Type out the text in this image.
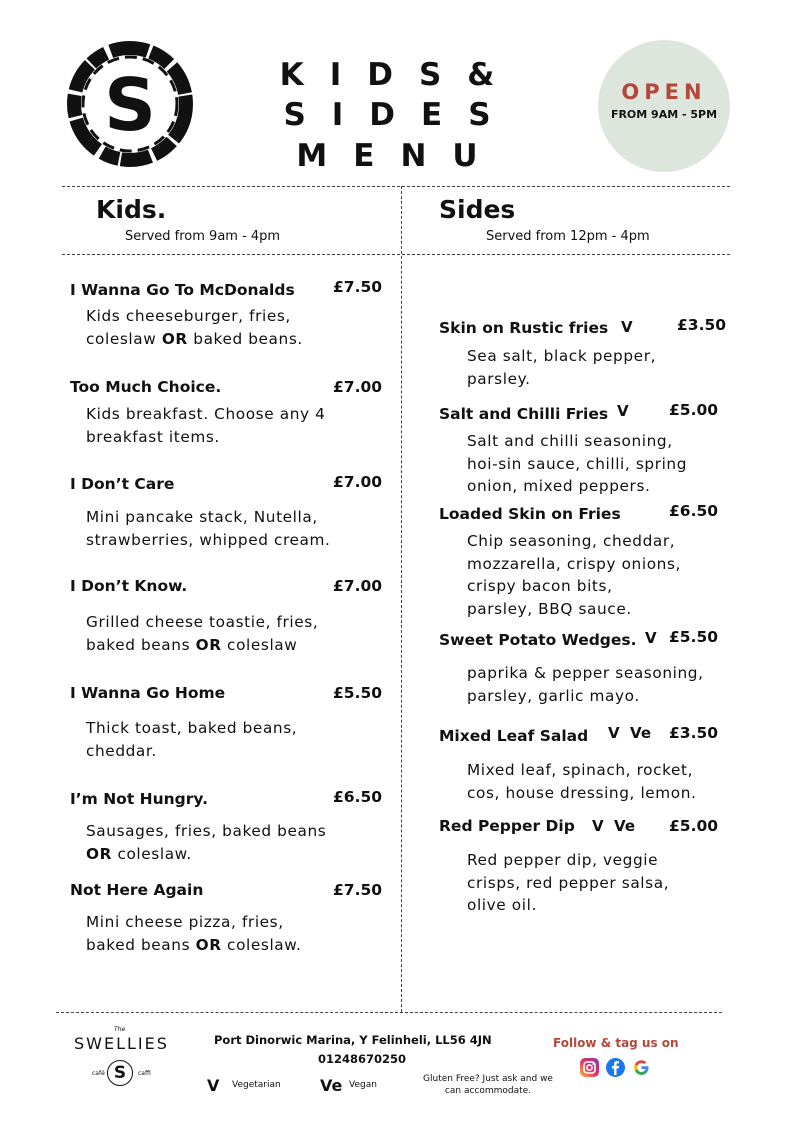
S	KIDS&
SIDES
MENU
OPEN
FROM 9AM - 5PM
Kids.
Served from 9am - 4pm
Sides
Served from 12pm - 4pm
I Wanna Go To McDonalds £7.50
Kids cheeseburger, fries,
coleslaw OR baked beans.
Too Much Choice.	£7.00
Kids breakfast. Choose any 4
breakfast items.
I Don’t Care	£7.00
Mini pancake stack, Nutella,
strawberries, whipped cream.
I Don’t Know.	£7.00
Grilled cheese toastie, fries,
baked beans OR coleslaw
I Wanna Go Home	£5.50
Thick toast, baked beans,
cheddar.
I’m Not Hungry.	£6.50
Sausages, fries, baked beans
OR coleslaw.
Not Here Again	£7.50
Mini cheese pizza, fries,
baked beans OR coleslaw.
Skin on Rustic fries V	£3.50
Sea salt, black pepper,
parsley.
Salt and Chilli Fries V	£5.00
Salt and chilli seasoning,
hoi-sin sauce, chilli, spring
onion, mixed peppers.
Loaded Skin on Fries	£6.50
Chip seasoning, cheddar,
mozzarella, crispy onions,
crispy bacon bits,
parsley, BBQ sauce.
Sweet Potato Wedges. V £5.50
paprika & pepper seasoning,
parsley, garlic mayo.
Mixed Leaf Salad V  Ve £3.50
Mixed leaf, spinach, rocket,
cos, house dressing, lemon.
Red Pepper Dip V  Ve £5.00
Red pepper dip, veggie
crisps, red pepper salsa,
olive oil.
The
SWELLIES
café	caffi
S
Port Dinorwic Marina, Y Felinheli, LL56 4JN
01248670250
V Vegetarian Ve Vegan
Gluten Free? Just ask and we
can accommodate.
Follow & tag us on
